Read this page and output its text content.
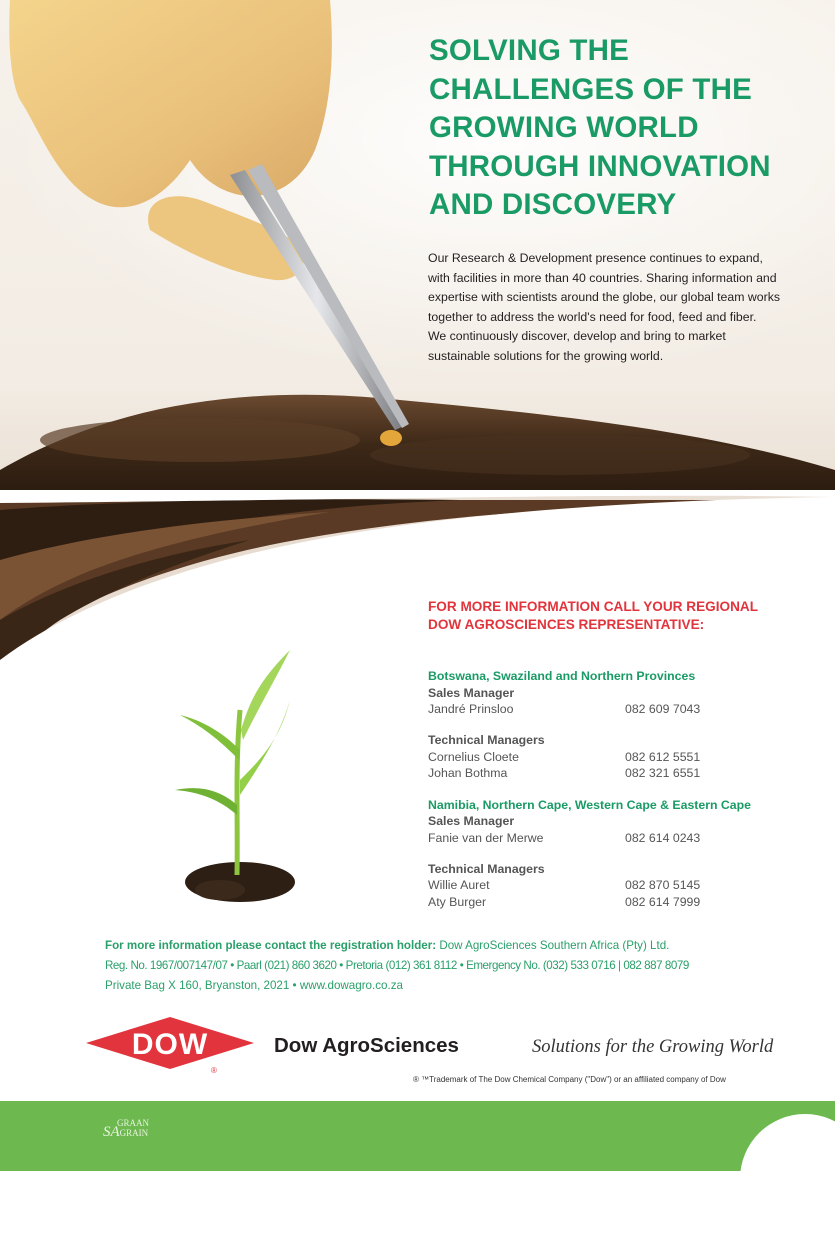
SOLVING THE
CHALLENGES OF THE
GROWING WORLD
THROUGH INNOVATION
AND DISCOVERY
Our Research & Development presence continues to expand,
with facilities in more than 40 countries. Sharing information and
expertise with scientists around the globe, our global team works
together to address the world's need for food, feed and fiber.
We continuously discover, develop and bring to market
sustainable solutions for the growing world.
FOR MORE INFORMATION CALL YOUR REGIONAL
DOW AGROSCIENCES REPRESENTATIVE:
Botswana, Swaziland and Northern Provinces
Sales Manager
Jandré Prinsloo	082 609 7043
Technical Managers
Cornelius Cloete	082 612 5551
Johan Bothma	082 321 6551
Namibia, Northern Cape, Western Cape & Eastern Cape
Sales Manager
Fanie van der Merwe	082 614 0243
Technical Managers
Willie Auret	082 870 5145
Aty Burger	082 614 7999
For more information please contact the registration holder: Dow AgroSciences Southern Africa (Pty) Ltd.
Reg. No. 1967/007147/07 • Paarl (021) 860 3620 • Pretoria (012) 361 8112 • Emergency No. (032) 533 0716 | 082 887 8079
Private Bag X 160, Bryanston, 2021 • www.dowagro.co.za
DOW
®
Dow AgroSciences	Solutions for the Growing World
® ™Trademark of The Dow Chemical Company ("Dow") or an affiliated company of Dow
GRAAN
SAGRAIN
